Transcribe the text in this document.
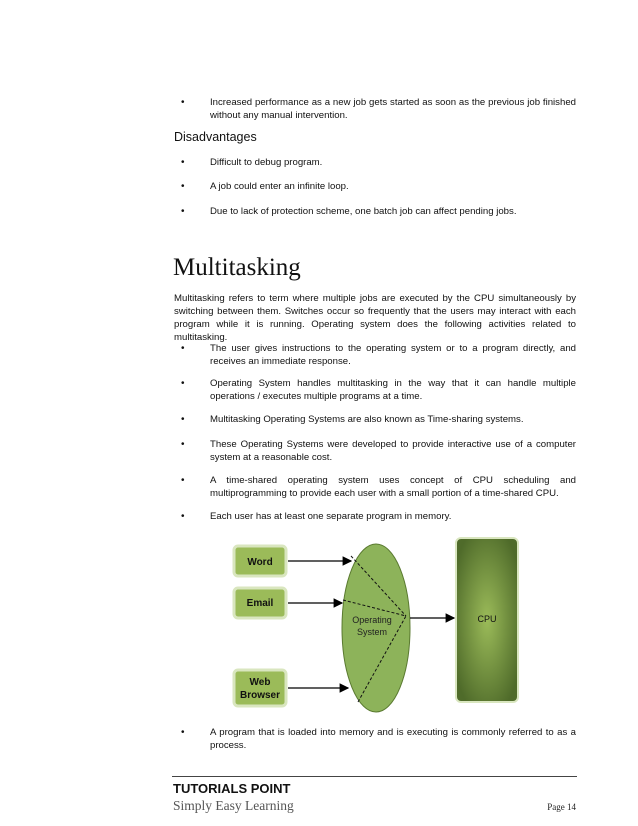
•	Increased performance as a new job gets started as soon as the previous job finished without any manual intervention.
Disadvantages
•	Difficult to debug program.
•	A job could enter an infinite loop.
•	Due to lack of protection scheme, one batch job can affect pending jobs.
Multitasking
Multitasking refers to term where multiple jobs are executed by the CPU simultaneously by switching between them. Switches occur so frequently that the users may interact with each program while it is running. Operating system does the following activities related to multitasking.
•	The user gives instructions to the operating system or to a program directly, and receives an immediate response.
•	Operating System handles multitasking in the way that it can handle multiple operations / executes multiple programs at a time.
•	Multitasking Operating Systems are also known as Time-sharing systems.
•	These Operating Systems were developed to provide interactive use of a computer system at a reasonable cost.
•	A time-shared operating system uses concept of CPU scheduling and multiprogramming to provide each user with a small portion of a time-shared CPU.
•	Each user has at least one separate program in memory.
Word
Email
Web
Browser
Operating
System
CPU
•	A program that is loaded into memory and is executing is commonly referred to as a process.
TUTORIALS POINT
Simply Easy Learning	Page 14
